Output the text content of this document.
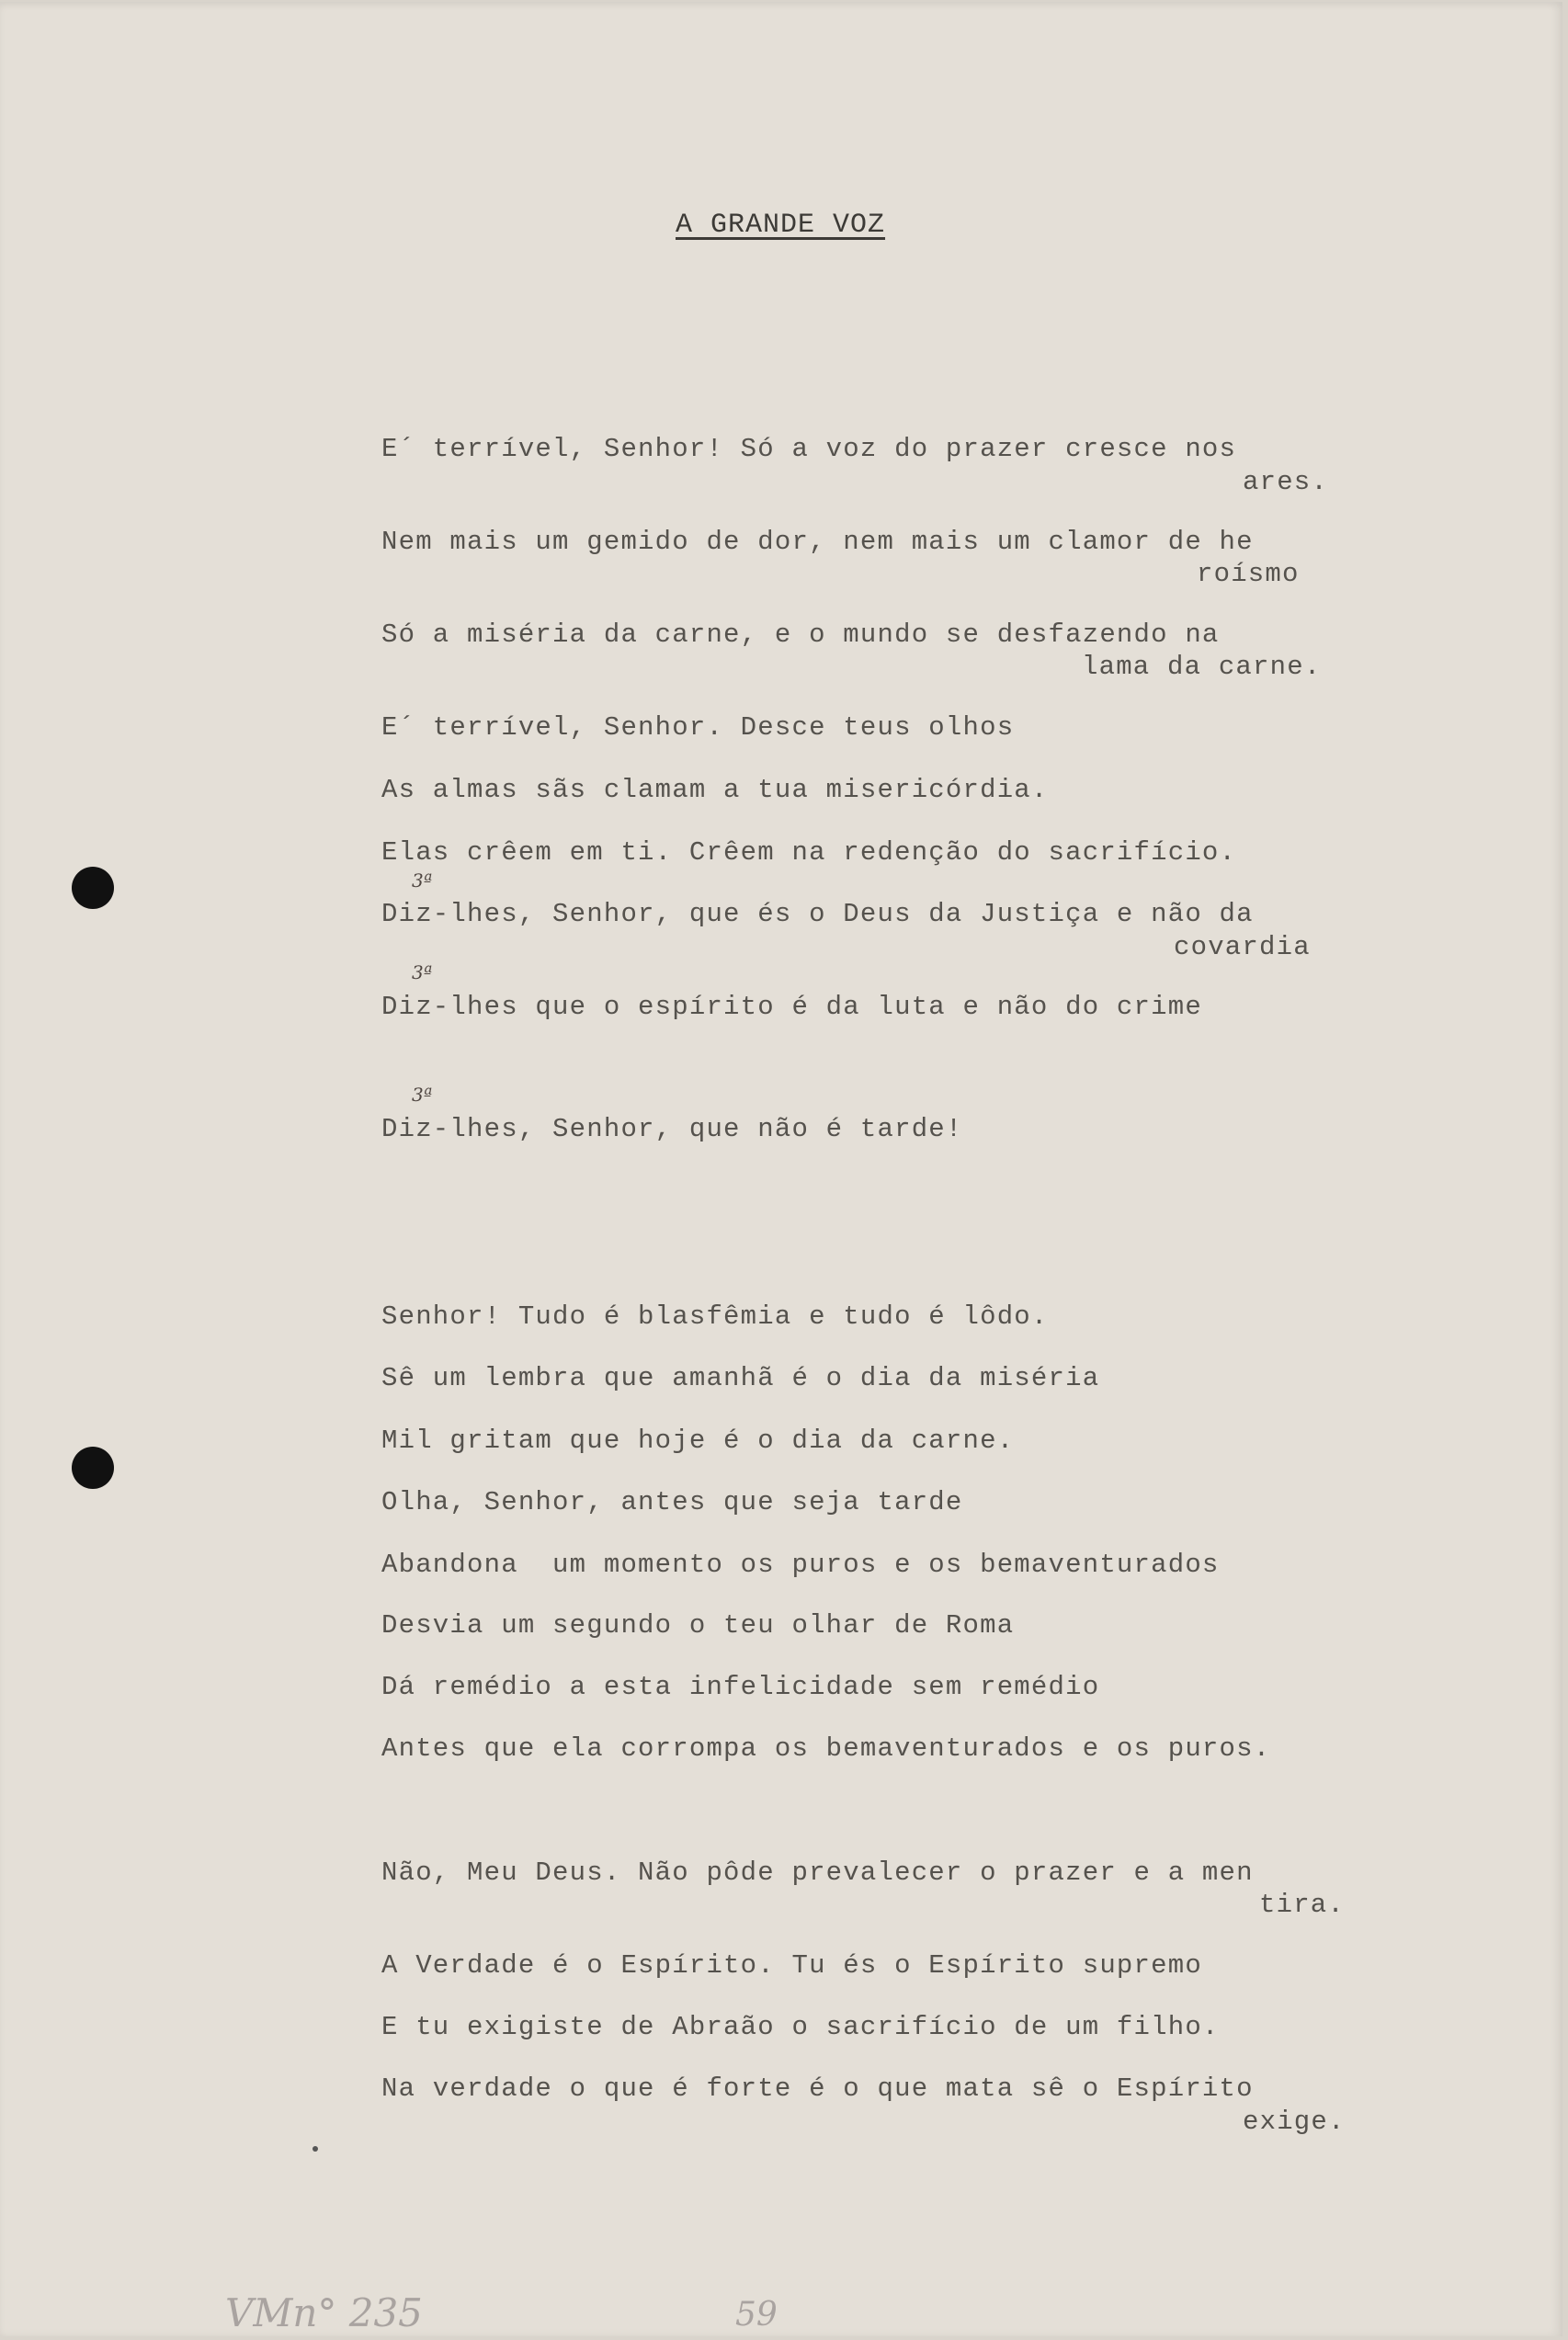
A GRANDE VOZ

E´ terrível, Senhor! Só a voz do prazer cresce nos

ares.

Nem mais um gemido de dor, nem mais um clamor de he

roísmo

Só a miséria da carne, e o mundo se desfazendo na

lama da carne.

E´ terrível, Senhor. Desce teus olhos

As almas sãs clamam a tua misericórdia.

Elas crêem em ti. Crêem na redenção do sacrifício.

Diz-lhes, Senhor, que és o Deus da Justiça e não da

covardia

Diz-lhes que o espírito é da luta e não do crime

Diz-lhes, Senhor, que não é tarde!

Senhor! Tudo é blasfêmia e tudo é lôdo.

Sê um lembra que amanhã é o dia da miséria

Mil gritam que hoje é o dia da carne.

Olha, Senhor, antes que seja tarde

Abandona  um momento os puros e os bemaventurados

Desvia um segundo o teu olhar de Roma

Dá remédio a esta infelicidade sem remédio

Antes que ela corrompa os bemaventurados e os puros.

Não, Meu Deus. Não pôde prevalecer o prazer e a men

tira.

A Verdade é o Espírito. Tu és o Espírito supremo

E tu exigiste de Abraão o sacrifício de um filho.

Na verdade o que é forte é o que mata sê o Espírito

exige.

3ª
3ª
3ª
VMn° 235	59
